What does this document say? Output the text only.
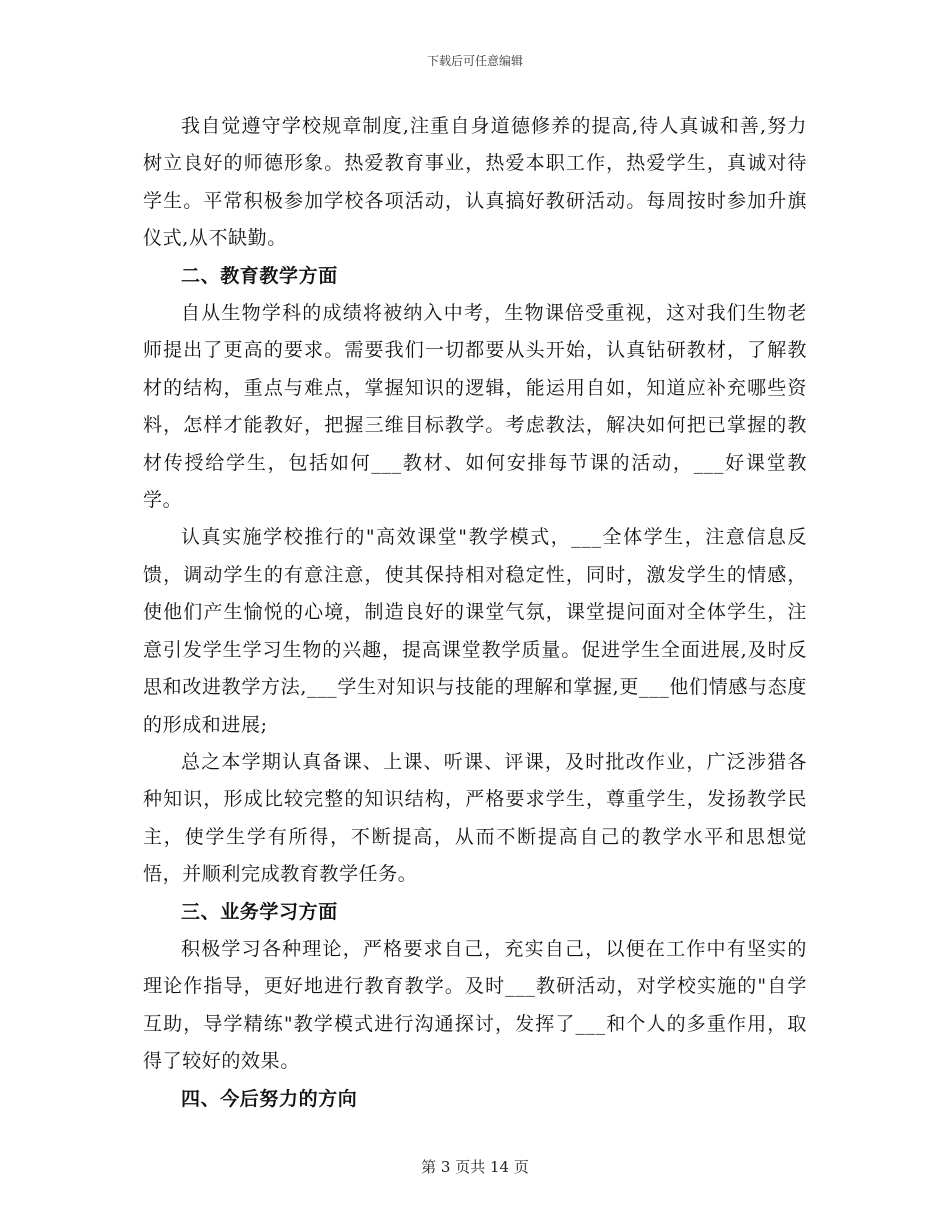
下载后可任意编辑

我自觉遵守学校规章制度,注重自身道德修养的提高,待人真诚和善,努力树立良好的师德形象。热爱教育事业，热爱本职工作，热爱学生，真诚对待学生。平常积极参加学校各项活动，认真搞好教研活动。每周按时参加升旗仪式,从不缺勤。

二、教育教学方面

自从生物学科的成绩将被纳入中考，生物课倍受重视，这对我们生物老师提出了更高的要求。需要我们一切都要从头开始，认真钻研教材，了解教材的结构，重点与难点，掌握知识的逻辑，能运用自如，知道应补充哪些资料，怎样才能教好，把握三维目标教学。考虑教法，解决如何把已掌握的教材传授给学生，包括如何___教材、如何安排每节课的活动，___好课堂教学。

认真实施学校推行的"高效课堂"教学模式，___全体学生，注意信息反馈，调动学生的有意注意，使其保持相对稳定性，同时，激发学生的情感，使他们产生愉悦的心境，制造良好的课堂气氛，课堂提问面对全体学生，注意引发学生学习生物的兴趣，提高课堂教学质量。促进学生全面进展,及时反思和改进教学方法,___学生对知识与技能的理解和掌握,更___他们情感与态度的形成和进展;

总之本学期认真备课、上课、听课、评课，及时批改作业，广泛涉猎各种知识，形成比较完整的知识结构，严格要求学生，尊重学生，发扬教学民主，使学生学有所得，不断提高，从而不断提高自己的教学水平和思想觉悟，并顺利完成教育教学任务。

三、业务学习方面

积极学习各种理论，严格要求自己，充实自己，以便在工作中有坚实的理论作指导，更好地进行教育教学。及时___教研活动，对学校实施的"自学互助，导学精练"教学模式进行沟通探讨，发挥了___和个人的多重作用，取得了较好的效果。

四、今后努力的方向

第 3 页共 14 页
